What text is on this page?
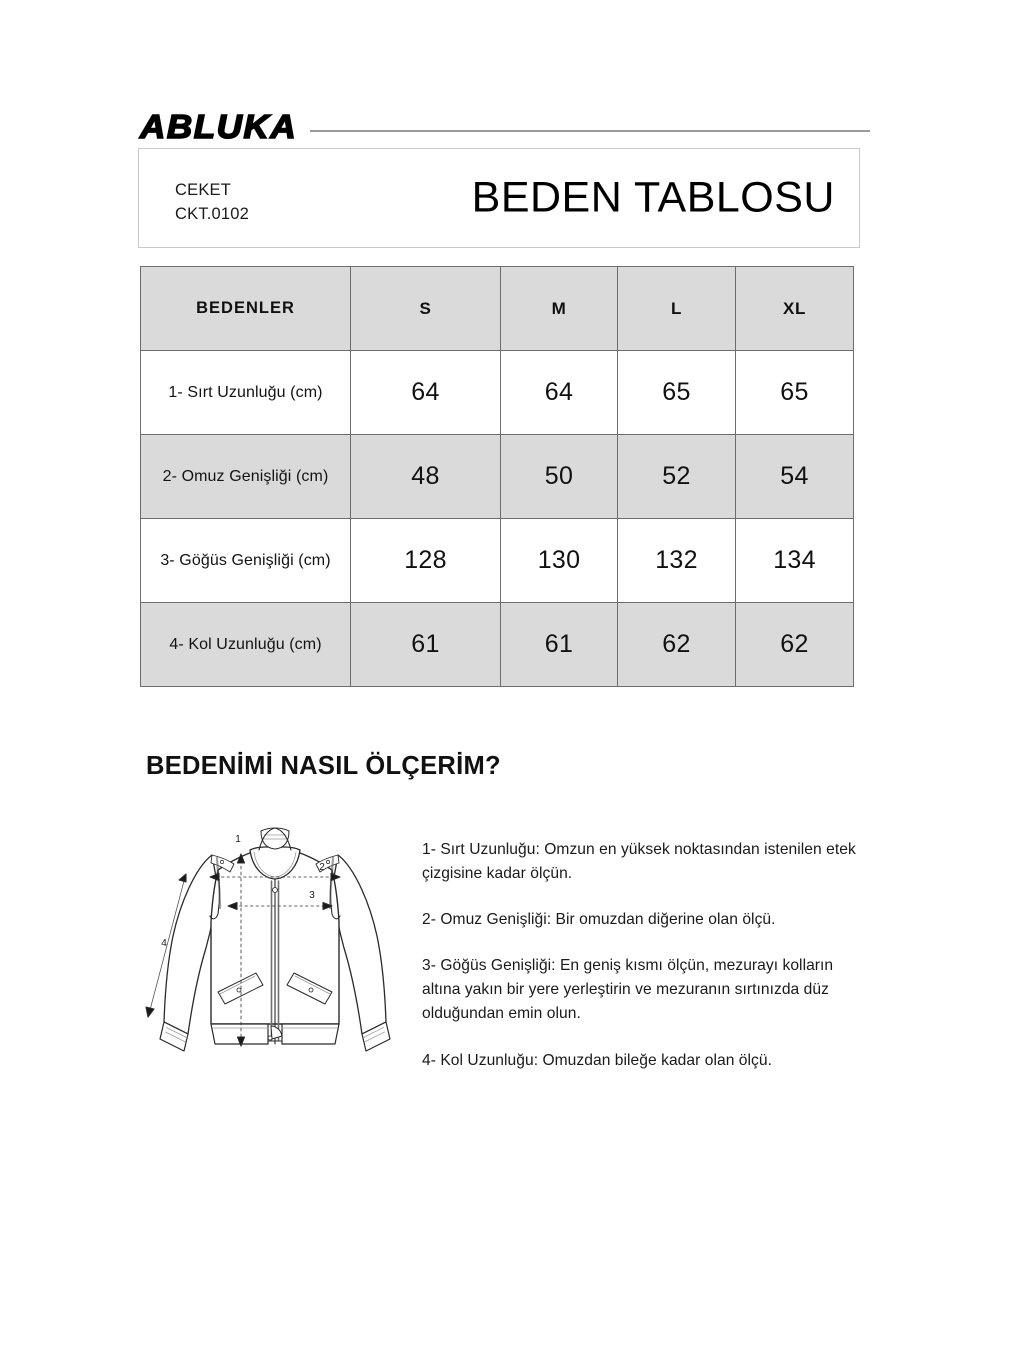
ABLUKA
CEKET
CKT.0102	BEDEN TABLOSU
BEDENLER	S	M	L	XL
1- Sırt Uzunluğu (cm)	64	64	65	65
2- Omuz Genişliği (cm)	48	50	52	54
3- Göğüs Genişliği (cm)	128	130	132	134
4- Kol Uzunluğu (cm)	61	61	62	62
BEDENİMİ NASIL ÖLÇERİM?
1
2
3
4

1- Sırt Uzunluğu: Omzun en yüksek noktasından istenilen etek çizgisine kadar ölçün.

2- Omuz Genişliği: Bir omuzdan diğerine olan ölçü.

3- Göğüs Genişliği: En geniş kısmı ölçün, mezurayı kolların altına yakın bir yere yerleştirin ve mezuranın sırtınızda düz olduğundan emin olun.

4- Kol Uzunluğu: Omuzdan bileğe kadar olan ölçü.
